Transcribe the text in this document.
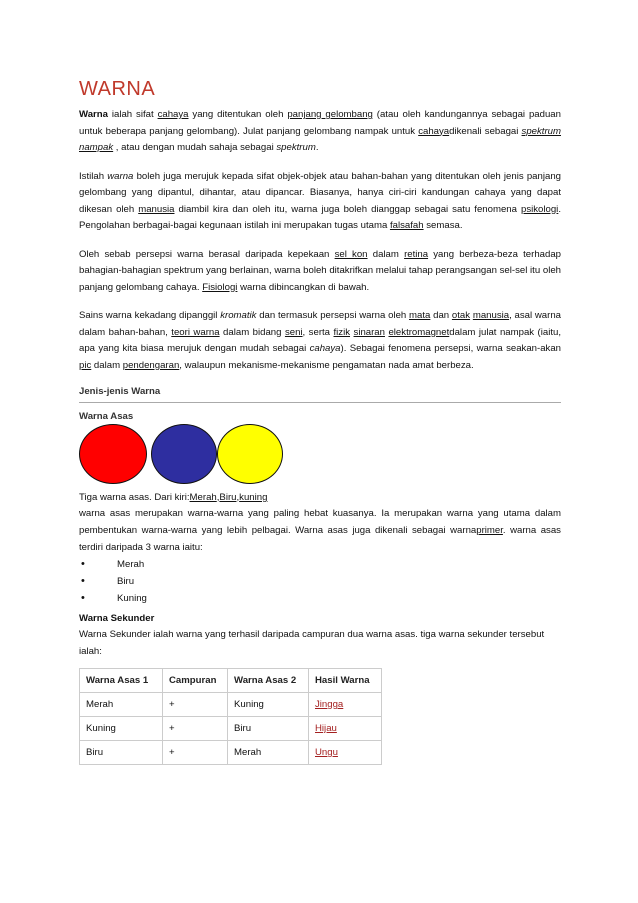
WARNA

Warna ialah sifat cahaya yang ditentukan oleh panjang gelombang (atau oleh kandungannya sebagai paduan untuk beberapa panjang gelombang). Julat panjang gelombang nampak untuk cahayadikenali sebagai spektrum nampak , atau dengan mudah sahaja sebagai spektrum.

Istilah warna boleh juga merujuk kepada sifat objek-objek atau bahan-bahan yang ditentukan oleh jenis panjang gelombang yang dipantul, dihantar, atau dipancar. Biasanya, hanya ciri-ciri kandungan cahaya yang dapat dikesan oleh manusia diambil kira dan oleh itu, warna juga boleh dianggap sebagai satu fenomena psikologi. Pengolahan berbagai-bagai kegunaan istilah ini merupakan tugas utama falsafah semasa.

Oleh sebab persepsi warna berasal daripada kepekaan sel kon dalam retina yang berbeza-beza terhadap bahagian-bahagian spektrum yang berlainan, warna boleh ditakrifkan melalui tahap perangsangan sel-sel itu oleh panjang gelombang cahaya. Fisiologi warna dibincangkan di bawah.

Sains warna kekadang dipanggil kromatik dan termasuk persepsi warna oleh mata dan otak manusia, asal warna dalam bahan-bahan, teori warna dalam bidang seni, serta fizik sinaran elektromagnetdalam julat nampak (iaitu, apa yang kita biasa merujuk dengan mudah sebagai cahaya). Sebagai fenomena persepsi, warna seakan-akan pic dalam pendengaran, walaupun mekanisme-mekanisme pengamatan nada amat berbeza.

Jenis-jenis Warna
Warna Asas

Tiga warna asas. Dari kiri:Merah,Biru,kuning

warna asas merupakan warna-warna yang paling hebat kuasanya. Ia merupakan warna yang utama dalam pembentukan warna-warna yang lebih pelbagai. Warna asas juga dikenali sebagai warnaprimer. warna asas terdiri daripada 3 warna iaitu:

• Merah
• Biru
• Kuning
Warna Sekunder

Warna Sekunder ialah warna yang terhasil daripada campuran dua warna asas. tiga warna sekunder tersebut ialah:

Warna Asas 1	Campuran	Warna Asas 2	Hasil Warna
Merah	+	Kuning	Jingga
Kuning	+	Biru	Hijau
Biru	+	Merah	Ungu
